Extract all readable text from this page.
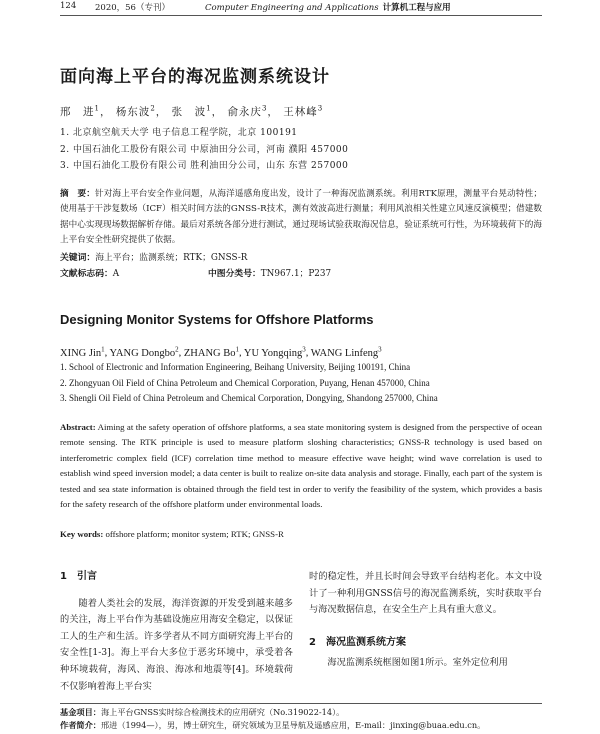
124 2020，56（专刊）	Computer Engineering and Applications 计算机工程与应用
面向海上平台的海况监测系统设计
邢　进$^1$， 杨东波$^2$， 张　波$^1$， 俞永庆$^3$， 王林峰$^3$
1. 北京航空航天大学 电子信息工程学院，北京 100191
2. 中国石油化工股份有限公司 中原油田分公司，河南 濮阳 457000
3. 中国石油化工股份有限公司 胜利油田分公司，山东 东营 257000
摘　要：针对海上平台安全作业问题，从海洋遥感角度出发，设计了一种海况监测系统。利用RTK原理，测量平台晃动特性；使用基于干涉复数场（ICF）相关时间方法的GNSS-R技术，测有效波高进行测量；利用风浪相关性建立风速反演模型；借建数据中心实现现场数据解析存储。最后对系统各部分进行测试，通过现场试验获取海况信息，验证系统可行性，为环境载荷下的海上平台安全性研究提供了依据。
关键词：海上平台；监测系统；RTK；GNSS-R
文献标志码：A	中图分类号：TN967.1；P237
Designing Monitor Systems for Offshore Platforms
XING Jin$^1$, YANG Dongbo$^2$, ZHANG Bo$^1$, YU Yongqing$^3$, WANG Linfeng$^3$
1. School of Electronic and Information Engineering, Beihang University, Beijing 100191, China
2. Zhongyuan Oil Field of China Petroleum and Chemical Corporation, Puyang, Henan 457000, China
3. Shengli Oil Field of China Petroleum and Chemical Corporation, Dongying, Shandong 257000, China
Abstract: Aiming at the safety operation of offshore platforms, a sea state monitoring system is designed from the perspective of ocean remote sensing. The RTK principle is used to measure platform sloshing characteristics; GNSS-R technology is used based on interferometric complex field (ICF) correlation time method to measure effective wave height; wind wave correlation is used to establish wind speed inversion model; a data center is built to realize on-site data analysis and storage. Finally, each part of the system is tested and sea state information is obtained through the field test in order to verify the feasibility of the system, which provides a basis for the safety research of the offshore platform under environmental loads.
Key words: offshore platform; monitor system; RTK; GNSS-R

1　引言

随着人类社会的发展，海洋资源的开发受到越来越多的关注，海上平台作为基础设施应用海安全稳定，以保证工人的生产和生活。许多学者从不同方面研究海上平台的安全性[1-3]。海上平台大多位于恶劣环境中，承受着各种环境载荷，海风、海浪、海冰和地震等[4]。环境载荷不仅影响着海上平台实

时的稳定性，并且长时间会导致平台结构老化。本文中设计了一种利用GNSS信号的海况监测系统，实时获取平台与海况数据信息，在安全生产上具有重大意义。

2　海况监测系统方案

海况监测系统框图如图1所示。室外定位利用

基金项目：海上平台GNSS实时综合检测技术的应用研究（No.319022-14）。
作者简介：邢进（1994—），男，博士研究生，研究领域为卫星导航及遥感应用，E-mail：jinxing@buaa.edu.cn。
